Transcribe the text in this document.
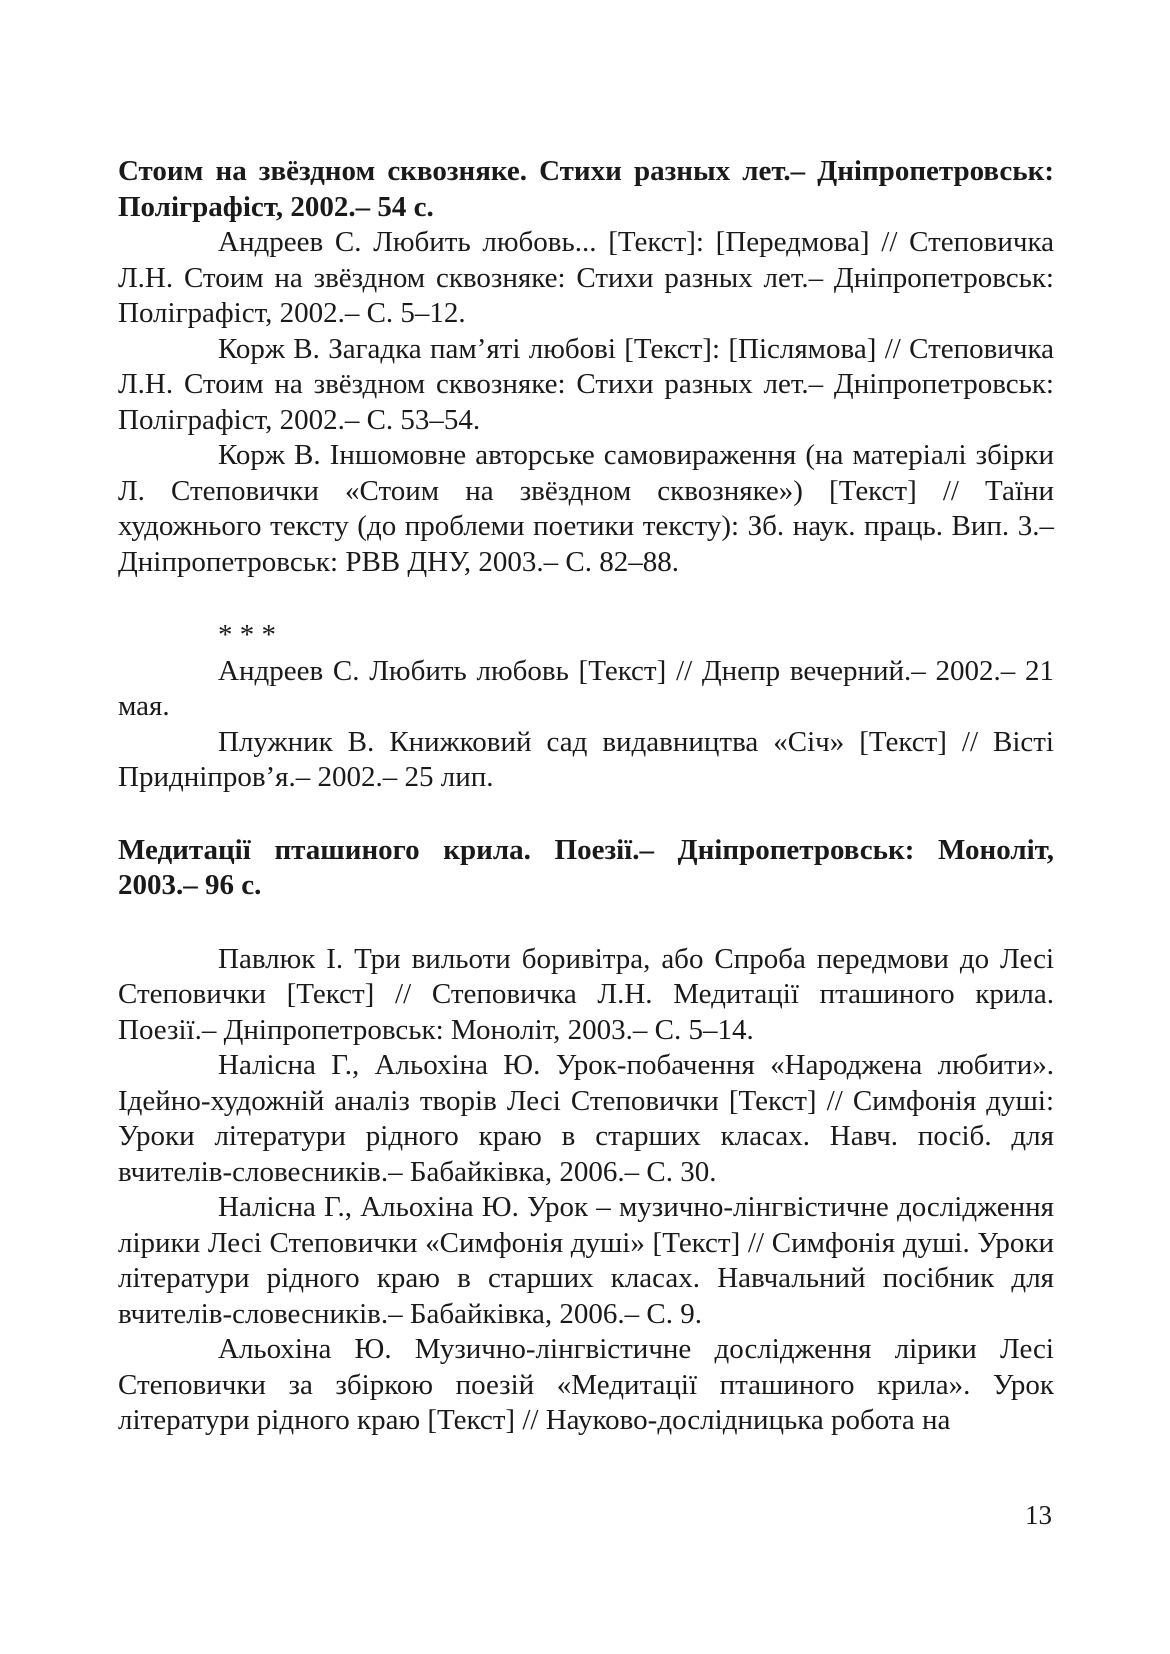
Стоим на звёздном сквозняке. Стихи разных лет.– Дніпропетровськ: Поліграфіст, 2002.– 54 с.

Андреев С. Любить любовь... [Текст]: [Передмова] // Степовичка Л.Н. Стоим на звёздном сквозняке: Стихи разных лет.– Дніпропетровськ: Поліграфіст, 2002.– С. 5–12.

Корж В. Загадка пам’яті любові [Текст]: [Післямова] // Степовичка Л.Н. Стоим на звёздном сквозняке: Стихи разных лет.– Дніпропетровськ: Поліграфіст, 2002.– С. 53–54.

Корж В. Іншомовне авторське самовираження (на матеріалі збірки Л. Степовички «Стоим на звёздном сквозняке») [Текст] // Таїни художнього тексту (до проблеми поетики тексту): Зб. наук. праць. Вип. 3.– Дніпропетровськ: РВВ ДНУ, 2003.– С. 82–88.

* * *

Андреев С. Любить любовь [Текст] // Днепр вечерний.– 2002.– 21 мая.

Плужник В. Книжковий сад видавництва «Січ» [Текст] // Вісті Придніпров’я.– 2002.– 25 лип.

Медитації пташиного крила. Поезії.– Дніпропетровськ: Моноліт, 2003.– 96 с.

Павлюк І. Три вильоти боривітра, або Спроба передмови до Лесі Степовички [Текст] // Степовичка Л.Н. Медитації пташиного крила. Поезії.– Дніпропетровськ: Моноліт, 2003.– С. 5–14.

Налісна Г., Альохіна Ю. Урок-побачення «Народжена любити». Ідейно-художній аналіз творів Лесі Степовички [Текст] // Симфонія душі: Уроки літератури рідного краю в старших класах. Навч. посіб. для вчителів-словесників.– Бабайківка, 2006.– С. 30.

Налісна Г., Альохіна Ю. Урок – музично-лінгвістичне дослідження лірики Лесі Степовички «Симфонія душі» [Текст] // Симфонія душі. Уроки літератури рідного краю в старших класах. Навчальний посібник для вчителів-словесників.– Бабайківка, 2006.– С. 9.

Альохіна Ю. Музично-лінгвістичне дослідження лірики Лесі Степовички за збіркою поезій «Медитації пташиного крила». Урок літератури рідного краю [Текст] // Науково-дослідницька робота на

13
